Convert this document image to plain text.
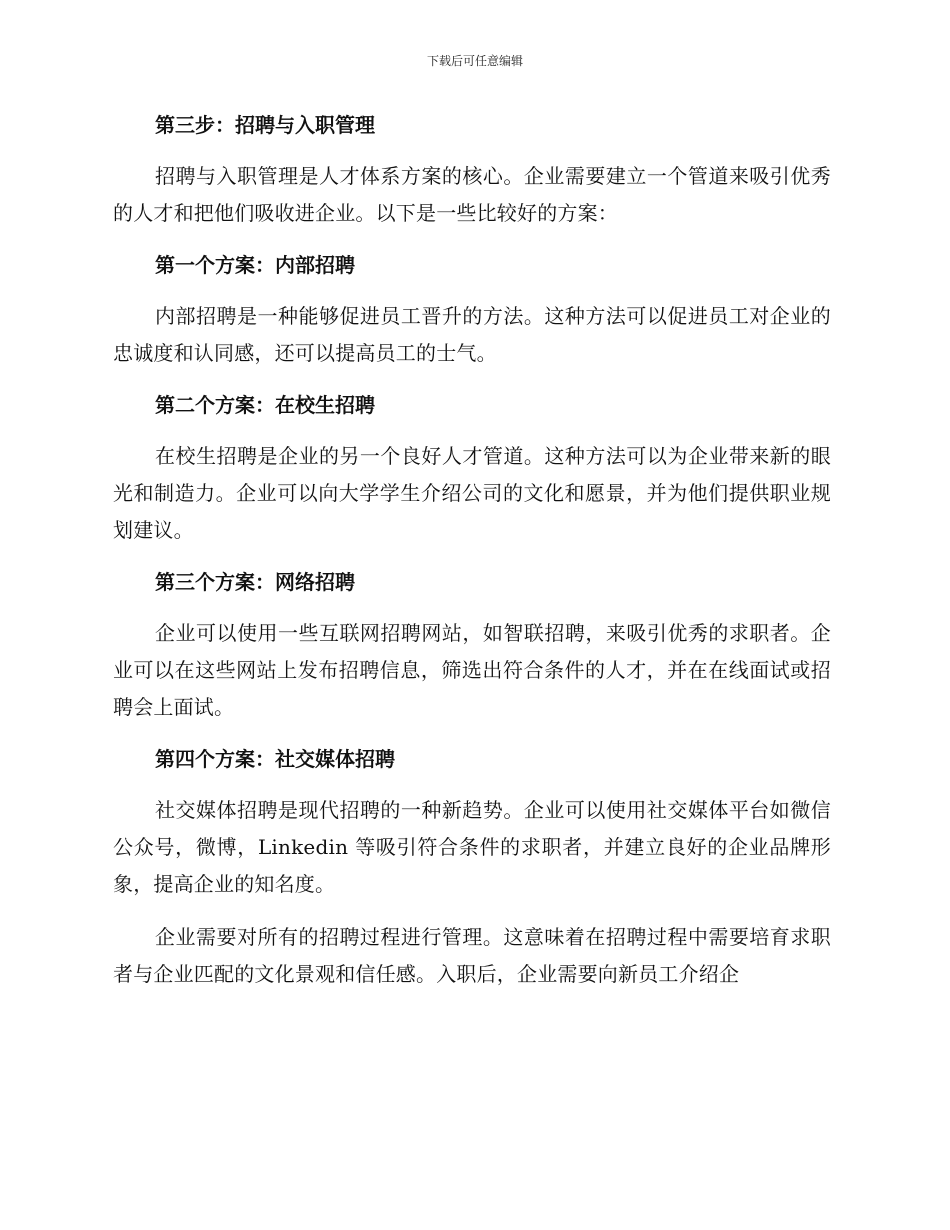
下载后可任意编辑
第三步：招聘与入职管理

招聘与入职管理是人才体系方案的核心。企业需要建立一个管道来吸引优秀的人才和把他们吸收进企业。以下是一些比较好的方案：

第一个方案：内部招聘

内部招聘是一种能够促进员工晋升的方法。这种方法可以促进员工对企业的忠诚度和认同感，还可以提高员工的士气。

第二个方案：在校生招聘

在校生招聘是企业的另一个良好人才管道。这种方法可以为企业带来新的眼光和制造力。企业可以向大学学生介绍公司的文化和愿景，并为他们提供职业规划建议。

第三个方案：网络招聘

企业可以使用一些互联网招聘网站，如智联招聘，来吸引优秀的求职者。企业可以在这些网站上发布招聘信息，筛选出符合条件的人才，并在在线面试或招聘会上面试。

第四个方案：社交媒体招聘

社交媒体招聘是现代招聘的一种新趋势。企业可以使用社交媒体平台如微信公众号，微博，Linkedin 等吸引符合条件的求职者，并建立良好的企业品牌形象，提高企业的知名度。

企业需要对所有的招聘过程进行管理。这意味着在招聘过程中需要培育求职者与企业匹配的文化景观和信任感。入职后，企业需要向新员工介绍企
